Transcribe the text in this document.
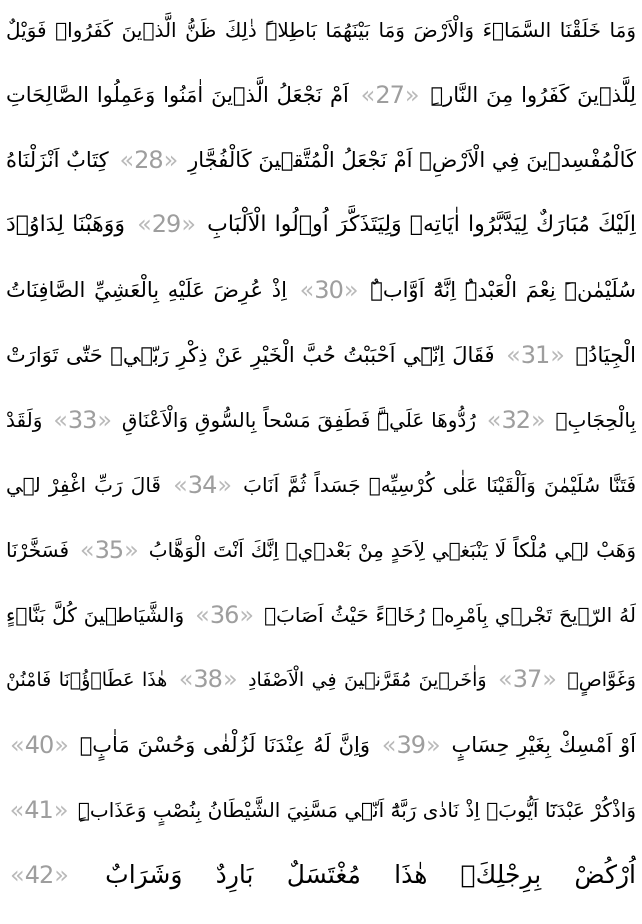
وَمَا خَلَقْنَا السَّمَاۤءَ وَالْاَرْضَ وَمَا بَيْنَهُمَا بَاطِلاًۜ ذٰلِكَ ظَنُّ الَّذ۪ينَ كَفَرُواۚ فَوَيْلٌ
لِلَّذ۪ينَ كَفَرُوا مِنَ النَّارِۜ «27» اَمْ نَجْعَلُ الَّذ۪ينَ اٰمَنُوا وَعَمِلُوا الصَّالِحَاتِ
كَالْمُفْسِد۪ينَ فِي الْاَرْضِۘ اَمْ نَجْعَلُ الْمُتَّق۪ينَ كَالْفُجَّارِ «28» كِتَابٌ اَنْزَلْنَاهُ
اِلَيْكَ مُبَارَكٌ لِيَدَّبَّرُوا اٰيَاتِه۪ وَلِيَتَذَكَّرَ اُو۬لُوا الْاَلْبَابِ «29» وَوَهَبْنَا لِدَاوُ۫دَ
سُلَيْمٰنَۜ نِعْمَ الْعَبْدُۜ اِنَّهُٓ اَوَّابٌۜ «30» اِذْ عُرِضَ عَلَيْهِ بِالْعَشِيِّ الصَّافِنَاتُ
الْجِيَادُۙ «31» فَقَالَ اِنّ۪ٓي اَحْبَبْتُ حُبَّ الْخَيْرِ عَنْ ذِكْرِ رَبّ۪يۚ حَتّٰى تَوَارَتْ
بِالْحِجَابِ۠ «32» رُدُّوهَا عَلَيَّۜ فَطَفِقَ مَسْحاً بِالسُّوقِ وَالْاَعْنَاقِ «33» وَلَقَدْ
فَتَنَّا سُلَيْمٰنَ وَاَلْقَيْنَا عَلٰى كُرْسِيِّه۪ جَسَداً ثُمَّ اَنَابَ «34» قَالَ رَبِّ اغْفِرْ ل۪ي
وَهَبْ ل۪ي مُلْكاً لَا يَنْبَغ۪ي لِاَحَدٍ مِنْ بَعْد۪يۚ اِنَّكَ اَنْتَ الْوَهَّابُ «35» فَسَخَّرْنَا
لَهُ الرّ۪يحَ تَجْر۪ي بِاَمْرِه۪ رُخَاۤءً حَيْثُ اَصَابَۙ «36» وَالشَّيَاط۪ينَ كُلَّ بَنَّاۤءٍ
وَغَوَّاصٍۙ «37» وَاٰخَر۪ينَ مُقَرَّن۪ينَ فِي الْاَصْفَادِ «38» هٰذَا عَطَاۤؤُ۬نَا فَامْنُنْ
اَوْ اَمْسِكْ بِغَيْرِ حِسَابٍ «39» وَاِنَّ لَهُ عِنْدَنَا لَزُلْفٰى وَحُسْنَ مَاٰبٍ۟ «40»
وَاذْكُرْ عَبْدَنَٓا اَيُّوبَۢ اِذْ نَادٰى رَبَّهُٓ اَنّ۪ي مَسَّنِيَ الشَّيْطَانُ بِنُصْبٍ وَعَذَابٍۜ «41»
اُرْكُضْ بِرِجْلِكَۚ هٰذَا مُغْتَسَلٌ بَارِدٌ وَشَرَابٌ «42»
